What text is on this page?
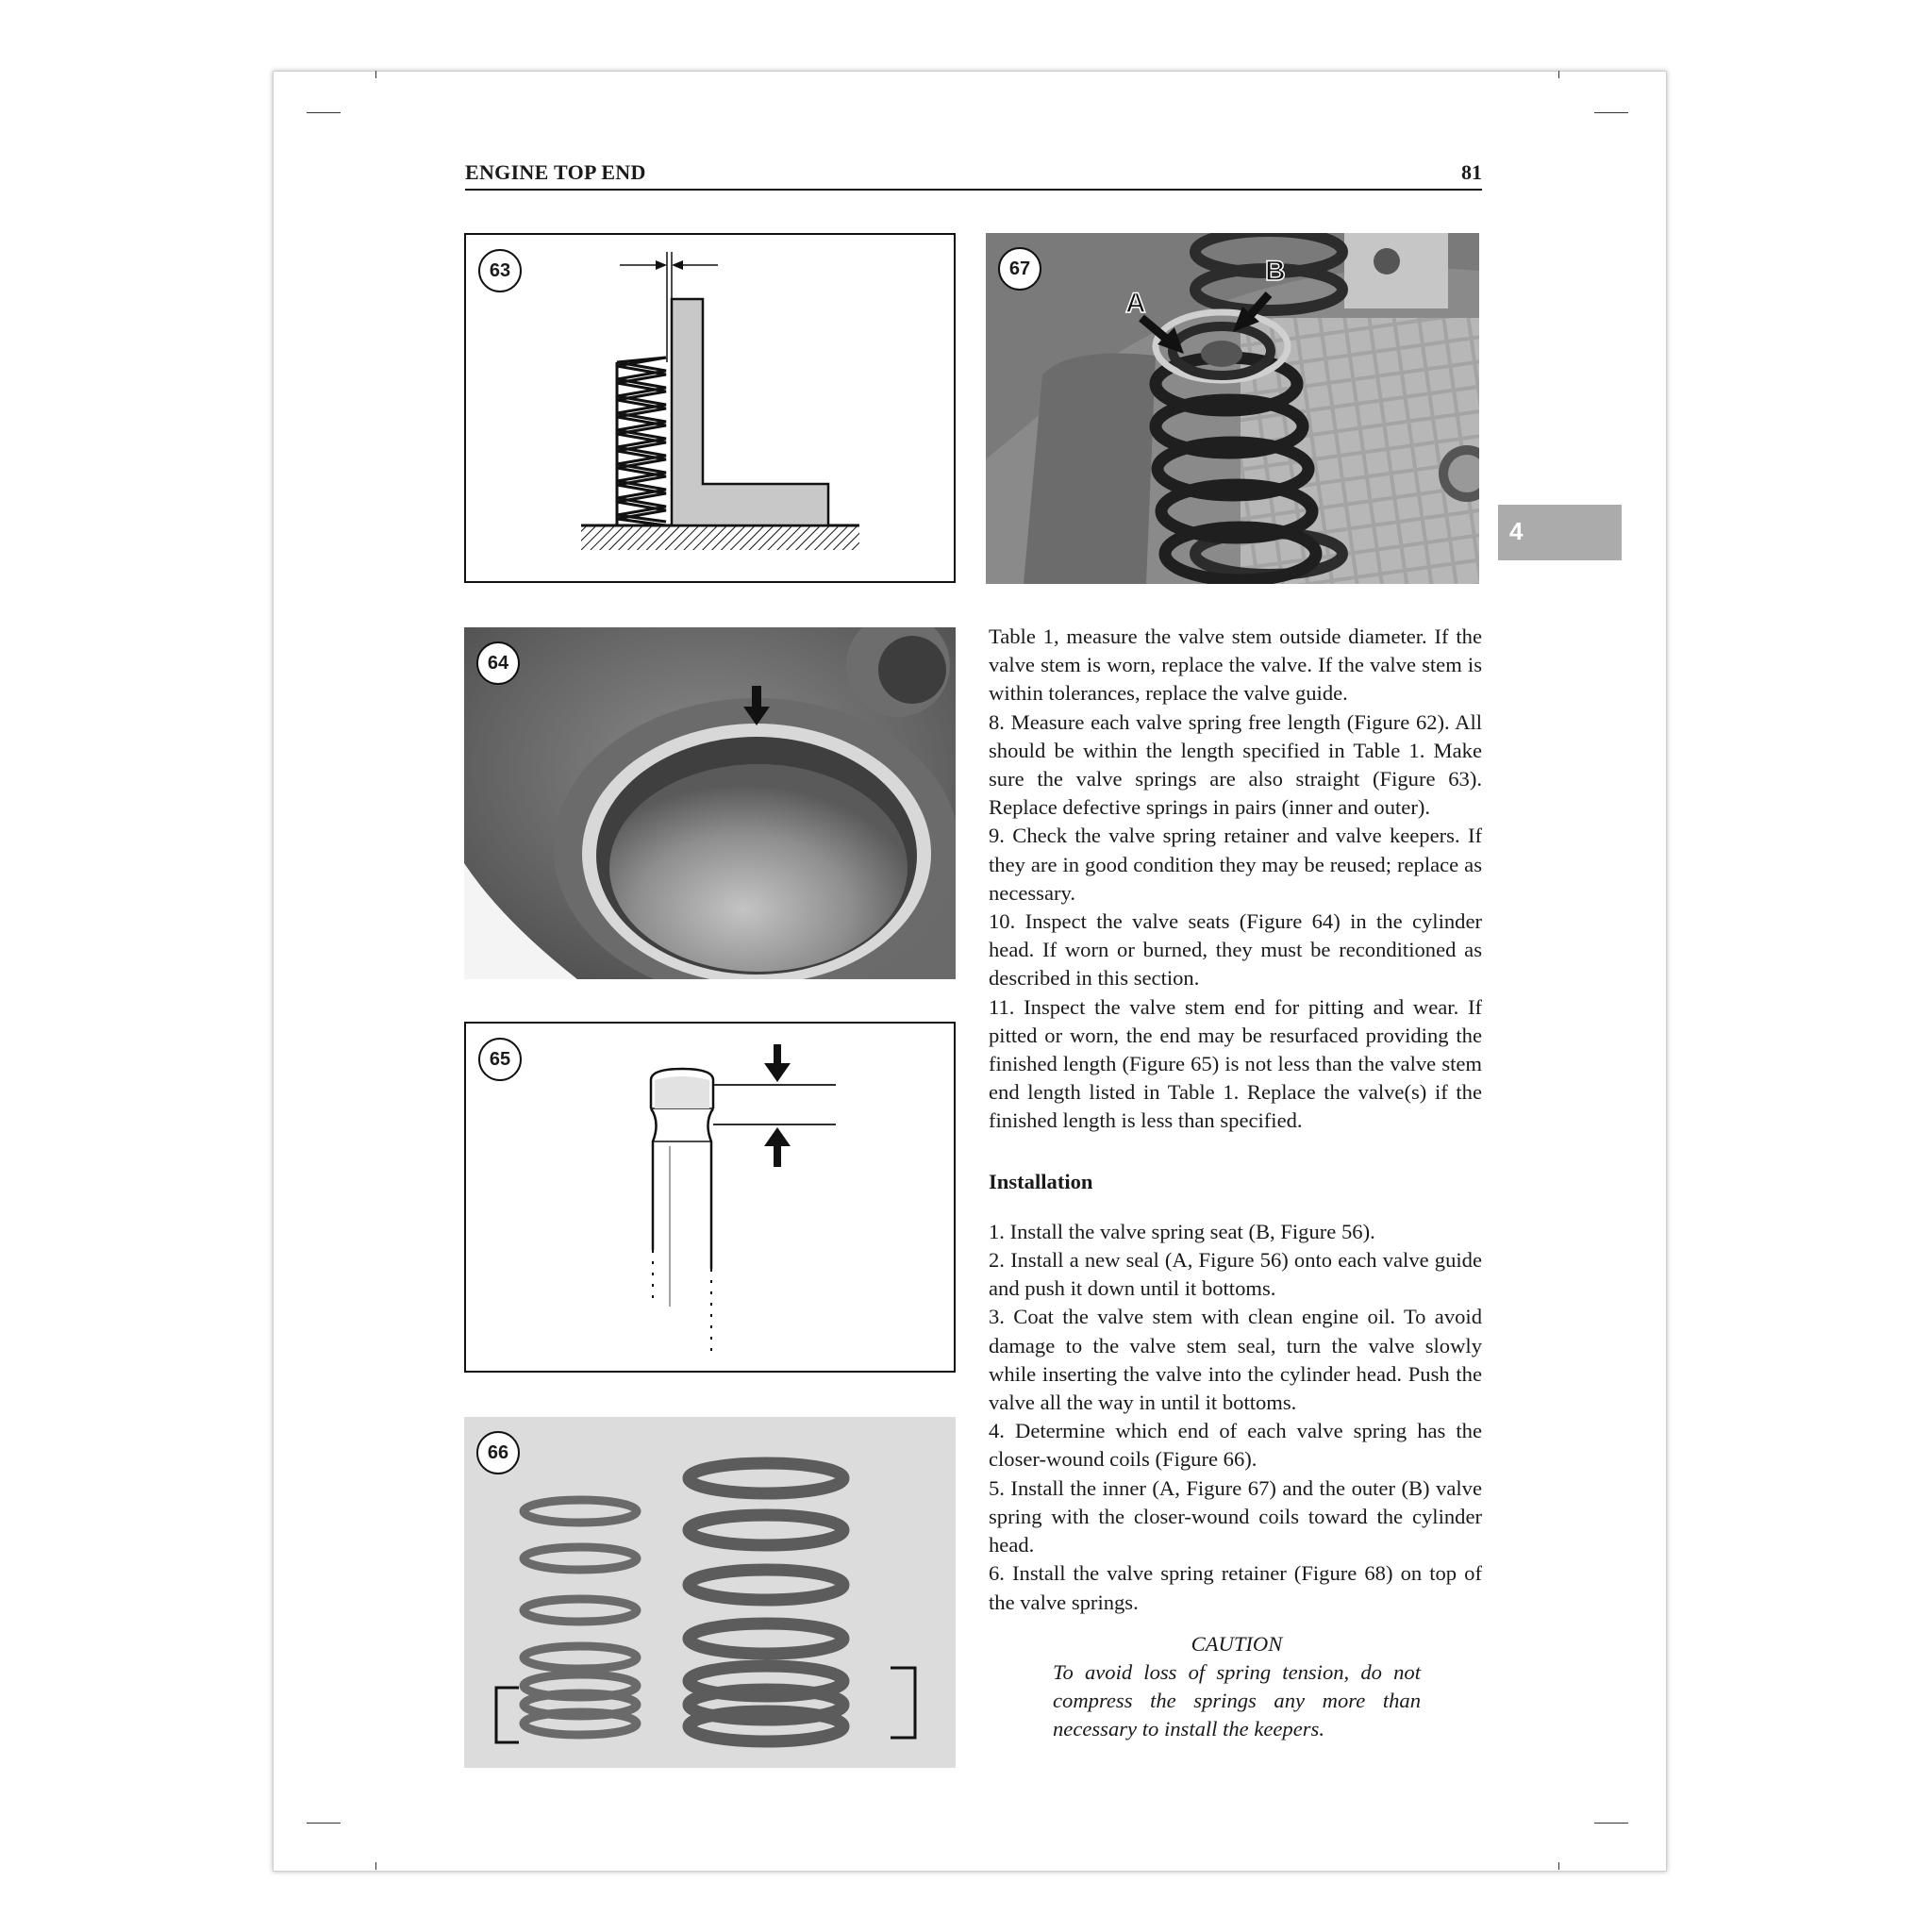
ENGINE TOP END	81
4
63
64
65
66
A
B
67

Table 1, measure the valve stem outside diameter. If the valve stem is worn, replace the valve. If the valve stem is within tolerances, replace the valve guide.

8. Measure each valve spring free length (Figure 62). All should be within the length specified in Table 1. Make sure the valve springs are also straight (Figure 63). Replace defective springs in pairs (inner and outer).

9. Check the valve spring retainer and valve keepers. If they are in good condition they may be reused; replace as necessary.

10. Inspect the valve seats (Figure 64) in the cylinder head. If worn or burned, they must be reconditioned as described in this section.

11. Inspect the valve stem end for pitting and wear. If pitted or worn, the end may be resurfaced providing the finished length (Figure 65) is not less than the valve stem end length listed in Table 1. Replace the valve(s) if the finished length is less than specified.

Installation

1. Install the valve spring seat (B, Figure 56).

2. Install a new seal (A, Figure 56) onto each valve guide and push it down until it bottoms.

3. Coat the valve stem with clean engine oil. To avoid damage to the valve stem seal, turn the valve slowly while inserting the valve into the cylinder head. Push the valve all the way in until it bottoms.

4. Determine which end of each valve spring has the closer-wound coils (Figure 66).

5. Install the inner (A, Figure 67) and the outer (B) valve spring with the closer-wound coils toward the cylinder head.

6. Install the valve spring retainer (Figure 68) on top of the valve springs.

CAUTION
To avoid loss of spring tension, do not compress the springs any more than necessary to install the keepers.
